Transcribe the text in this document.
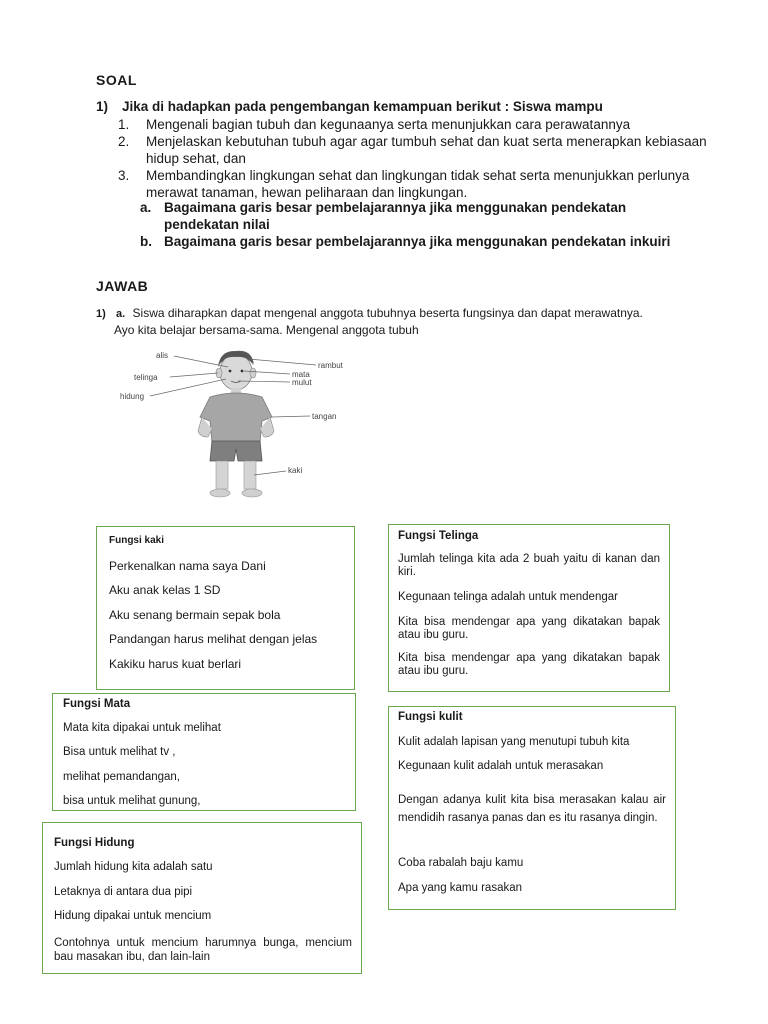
SOAL
1) Jika di hadapkan pada pengembangan kemampuan berikut : Siswa mampu
1.	Mengenali bagian tubuh dan kegunaanya serta menunjukkan cara perawatannya
2.	Menjelaskan kebutuhan tubuh agar agar tumbuh sehat dan kuat serta menerapkan kebiasaan hidup sehat, dan
3.	Membandingkan lingkungan sehat dan lingkungan tidak sehat serta menunjukkan perlunya merawat tanaman, hewan peliharaan dan lingkungan.
a. Bagaimana garis besar pembelajarannya jika menggunakan pendekatan pendekatan nilai
b. Bagaimana garis besar pembelajarannya jika menggunakan pendekatan inkuiri
JAWAB
1) a. Siswa diharapkan dapat mengenal anggota tubuhnya beserta fungsinya dan dapat merawatnya.
Ayo kita belajar bersama-sama. Mengenal anggota tubuh
alis
telinga
hidung
rambut
mata
mulut
tangan
kaki
Fungsi kaki

Perkenalkan nama saya Dani

Aku anak kelas 1 SD

Aku senang bermain sepak bola

Pandangan harus melihat dengan jelas

Kakiku harus kuat berlari

Fungsi Telinga

Jumlah telinga kita ada 2 buah yaitu di kanan dan kiri.

Kegunaan telinga adalah untuk mendengar

Kita bisa mendengar apa yang dikatakan bapak atau ibu guru.

Kita bisa mendengar apa yang dikatakan bapak atau ibu guru.

Fungsi Mata

Mata kita dipakai untuk melihat

Bisa untuk melihat tv ,

melihat pemandangan,

bisa untuk melihat gunung,

Fungsi kulit

Kulit adalah lapisan yang menutupi tubuh kita

Kegunaan kulit adalah untuk merasakan

Dengan adanya kulit kita bisa merasakan kalau air mendidih rasanya panas dan es itu rasanya dingin.

Coba rabalah baju kamu

Apa yang kamu rasakan

Fungsi Hidung

Jumlah hidung kita adalah satu

Letaknya di antara dua pipi

Hidung dipakai untuk mencium

Contohnya untuk mencium harumnya bunga, mencium bau masakan ibu, dan lain-lain
